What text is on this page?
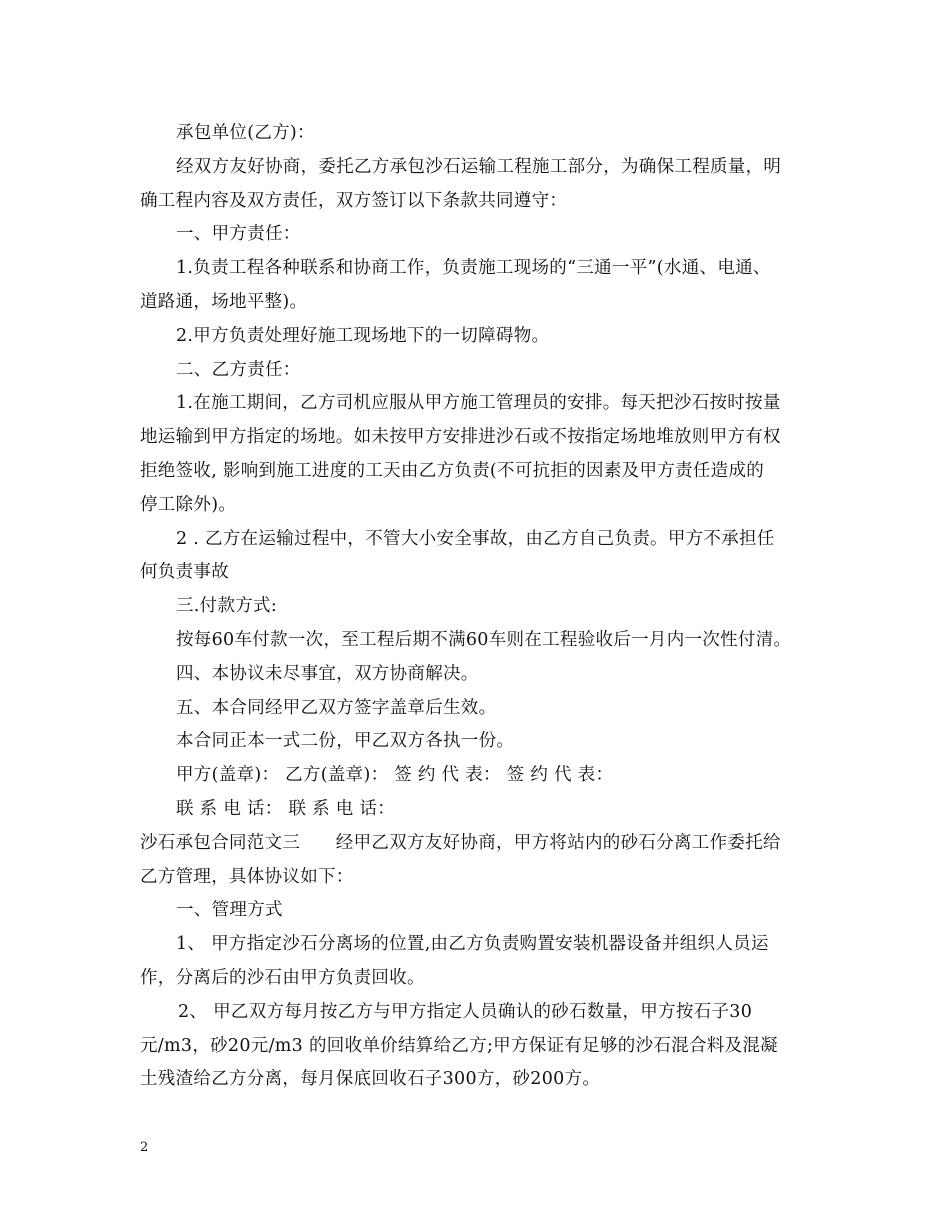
承包单位(乙方)：
经双方友好协商，委托乙方承包沙石运输工程施工部分，为确保工程质量，明
确工程内容及双方责任，双方签订以下条款共同遵守：
一、甲方责任：
1.负责工程各种联系和协商工作，负责施工现场的“三通一平”(水通、电通、
道路通，场地平整)。
2.甲方负责处理好施工现场地下的一切障碍物。
二、乙方责任：
1.在施工期间，乙方司机应服从甲方施工管理员的安排。每天把沙石按时按量
地运输到甲方指定的场地。如未按甲方安排进沙石或不按指定场地堆放则甲方有权
拒绝签收, 影响到施工进度的工天由乙方负责(不可抗拒的因素及甲方责任造成的
停工除外)。
2 . 乙方在运输过程中，不管大小安全事故，由乙方自己负责。甲方不承担任
何负责事故
三.付款方式:
按每60车付款一次，至工程后期不满60车则在工程验收后一月内一次性付清。
四、本协议未尽事宜，双方协商解决。
五、本合同经甲乙双方签字盖章后生效。
本合同正本一式二份，甲乙双方各执一份。
甲方(盖章)： 乙方(盖章)： 签 约 代 表： 签 约 代 表：
联 系 电 话： 联 系 电 话：
沙石承包合同范文三　　经甲乙双方友好协商，甲方将站内的砂石分离工作委托给
乙方管理，具体协议如下：
一、管理方式
1、 甲方指定沙石分离场的位置,由乙方负责购置安装机器设备并组织人员运
作，分离后的沙石由甲方负责回收。
2、 甲乙双方每月按乙方与甲方指定人员确认的砂石数量，甲方按石子30
元/m3，砂20元/m3 的回收单价结算给乙方;甲方保证有足够的沙石混合料及混凝
土残渣给乙方分离，每月保底回收石子300方，砂200方。
2
